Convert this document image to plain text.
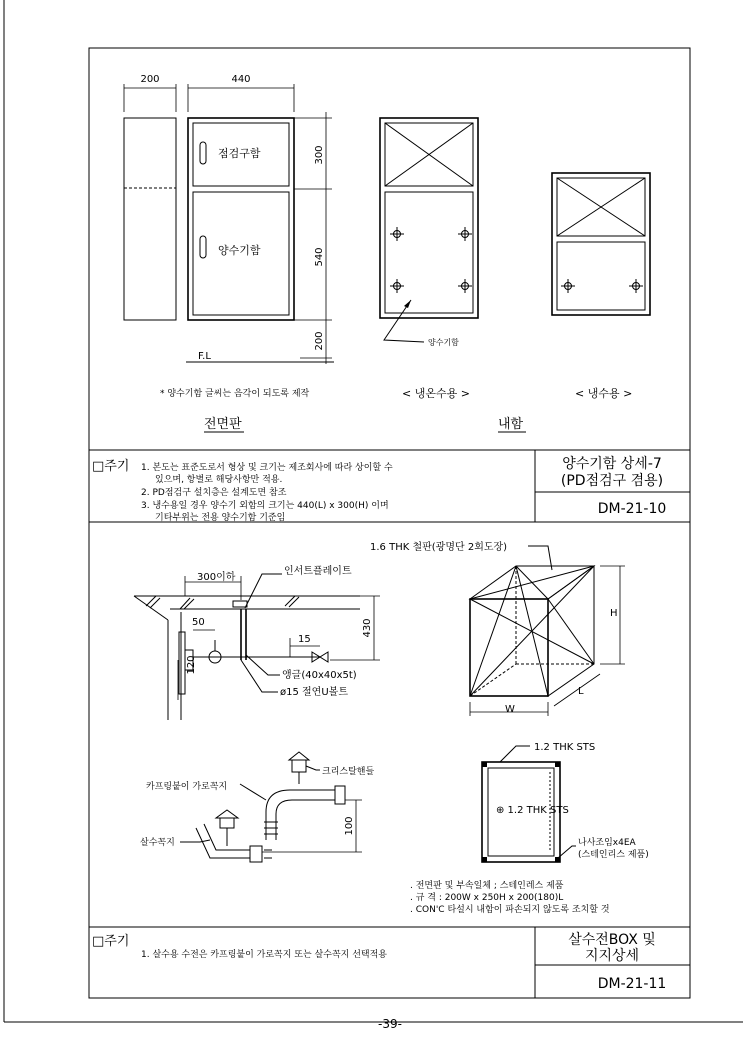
200	440
점검구함
양수기함
300
540
200
F.L
* 양수기함 글씨는 음각이 되도록 제작
전면판
양수기함
< 냉온수용 >	< 냉수용 >
내함
□주기 1. 본도는 표준도로서 형상 및 크기는 제조회사에 따라 상이할 수
있으며, 항별로 해당사항만 적용.
2. PD점검구 설치층은 설계도면 참조
3. 냉수용일 경우 양수기 외함의 크기는 440(L) x 300(H) 이며
기타부위는 전용 양수기함 기준임
양수기함 상세-7
(PD점검구 겸용)
DM-21-10
인서트플레이트
300이하
50	430
15
120
앵글(40x40x5t)
ø15 절연U볼트
크리스탈핸들
카프링붙이 가로꼭지
살수꼭지
100
1.6 THK 철판(광명단 2회도장)
H
L
W
1.2 THK STS
⊕ 1.2 THK STS
나사조임x4EA
(스테인리스 제품)
. 전면판 및 부속일체 ; 스테인레스 제품
. 규 격 : 200W x 250H x 200(180)L
. CON'C 타설시 내함이 파손되지 않도록 조치할 것
□주기
1. 살수용 수전은 카프링붙이 가로꼭지 또는 살수꼭지 선택적용
살수전BOX 및
지지상세
DM-21-11
-39-
